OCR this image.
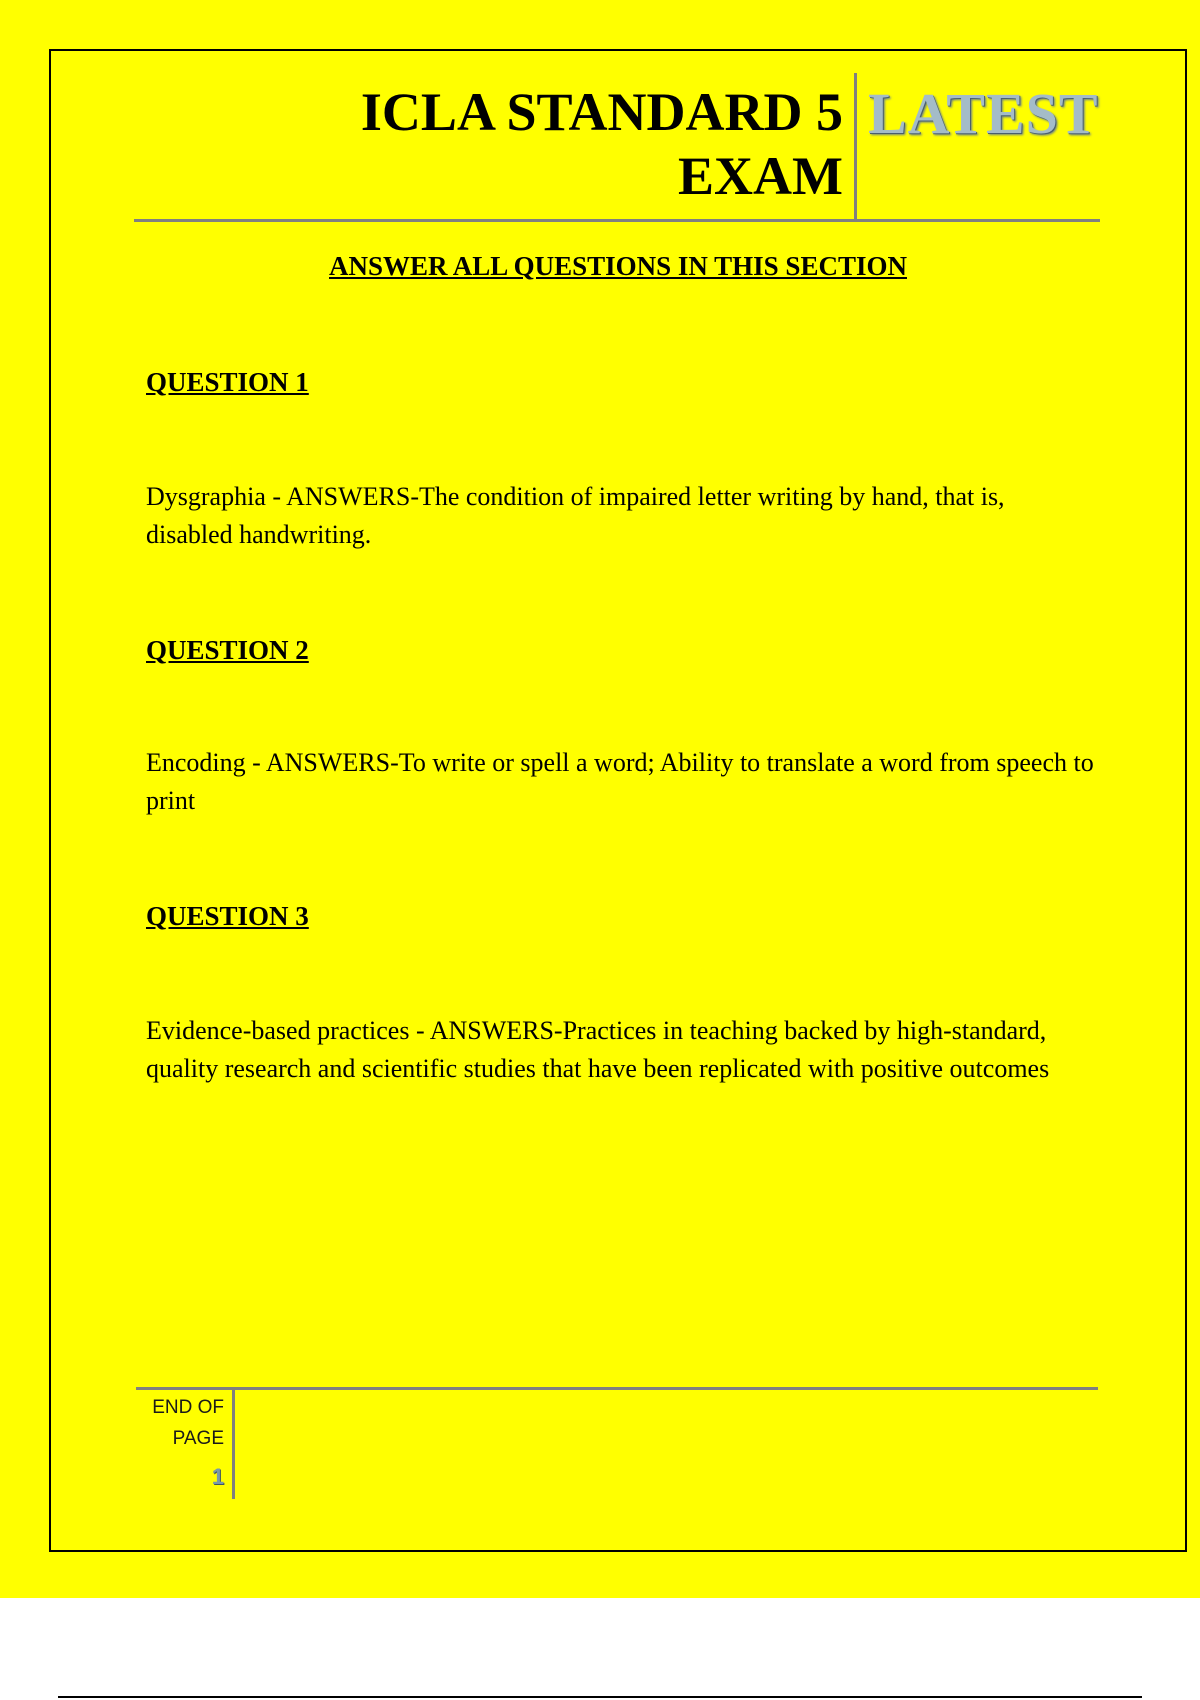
ICLA STANDARD 5
EXAM
LATEST
ANSWER ALL QUESTIONS IN THIS SECTION
QUESTION 1
Dysgraphia - ANSWERS-The condition of impaired letter writing by hand, that is, disabled handwriting.
QUESTION 2
Encoding - ANSWERS-To write or spell a word; Ability to translate a word from speech to print
QUESTION 3
Evidence-based practices - ANSWERS-Practices in teaching backed by high-standard, quality research and scientific studies that have been replicated with positive outcomes
END OF
PAGE
1
